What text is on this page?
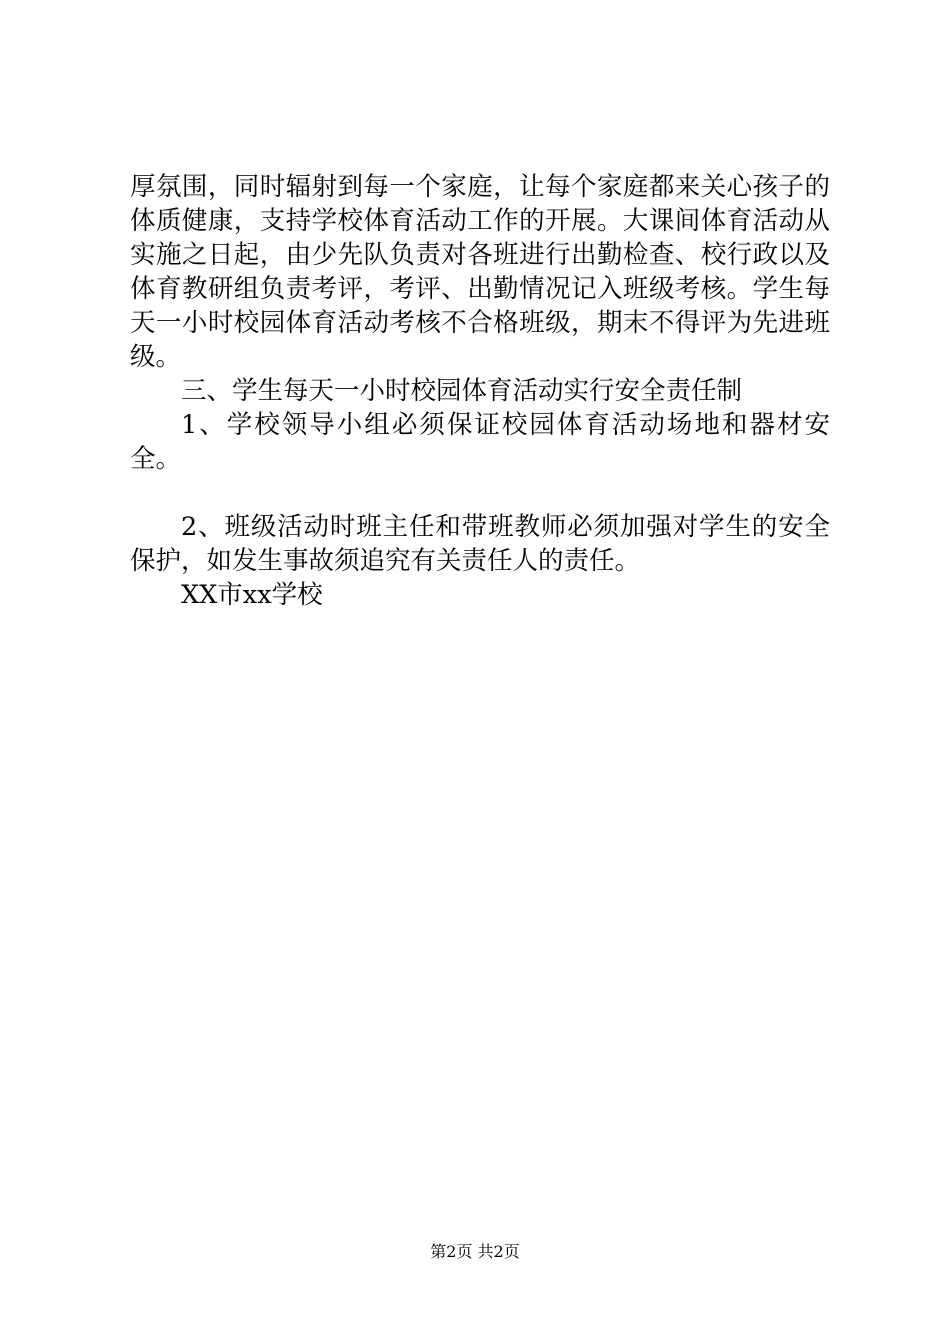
厚氛围，同时辐射到每一个家庭，让每个家庭都来关心孩子的体质健康，支持学校体育活动工作的开展。大课间体育活动从实施之日起，由少先队负责对各班进行出勤检查、校行政以及体育教研组负责考评，考评、出勤情况记入班级考核。学生每天一小时校园体育活动考核不合格班级，期末不得评为先进班级。

三、学生每天一小时校园体育活动实行安全责任制

1、学校领导小组必须保证校园体育活动场地和器材安全。

2、班级活动时班主任和带班教师必须加强对学生的安全保护，如发生事故须追究有关责任人的责任。

XX市xx学校

第2页 共2页
